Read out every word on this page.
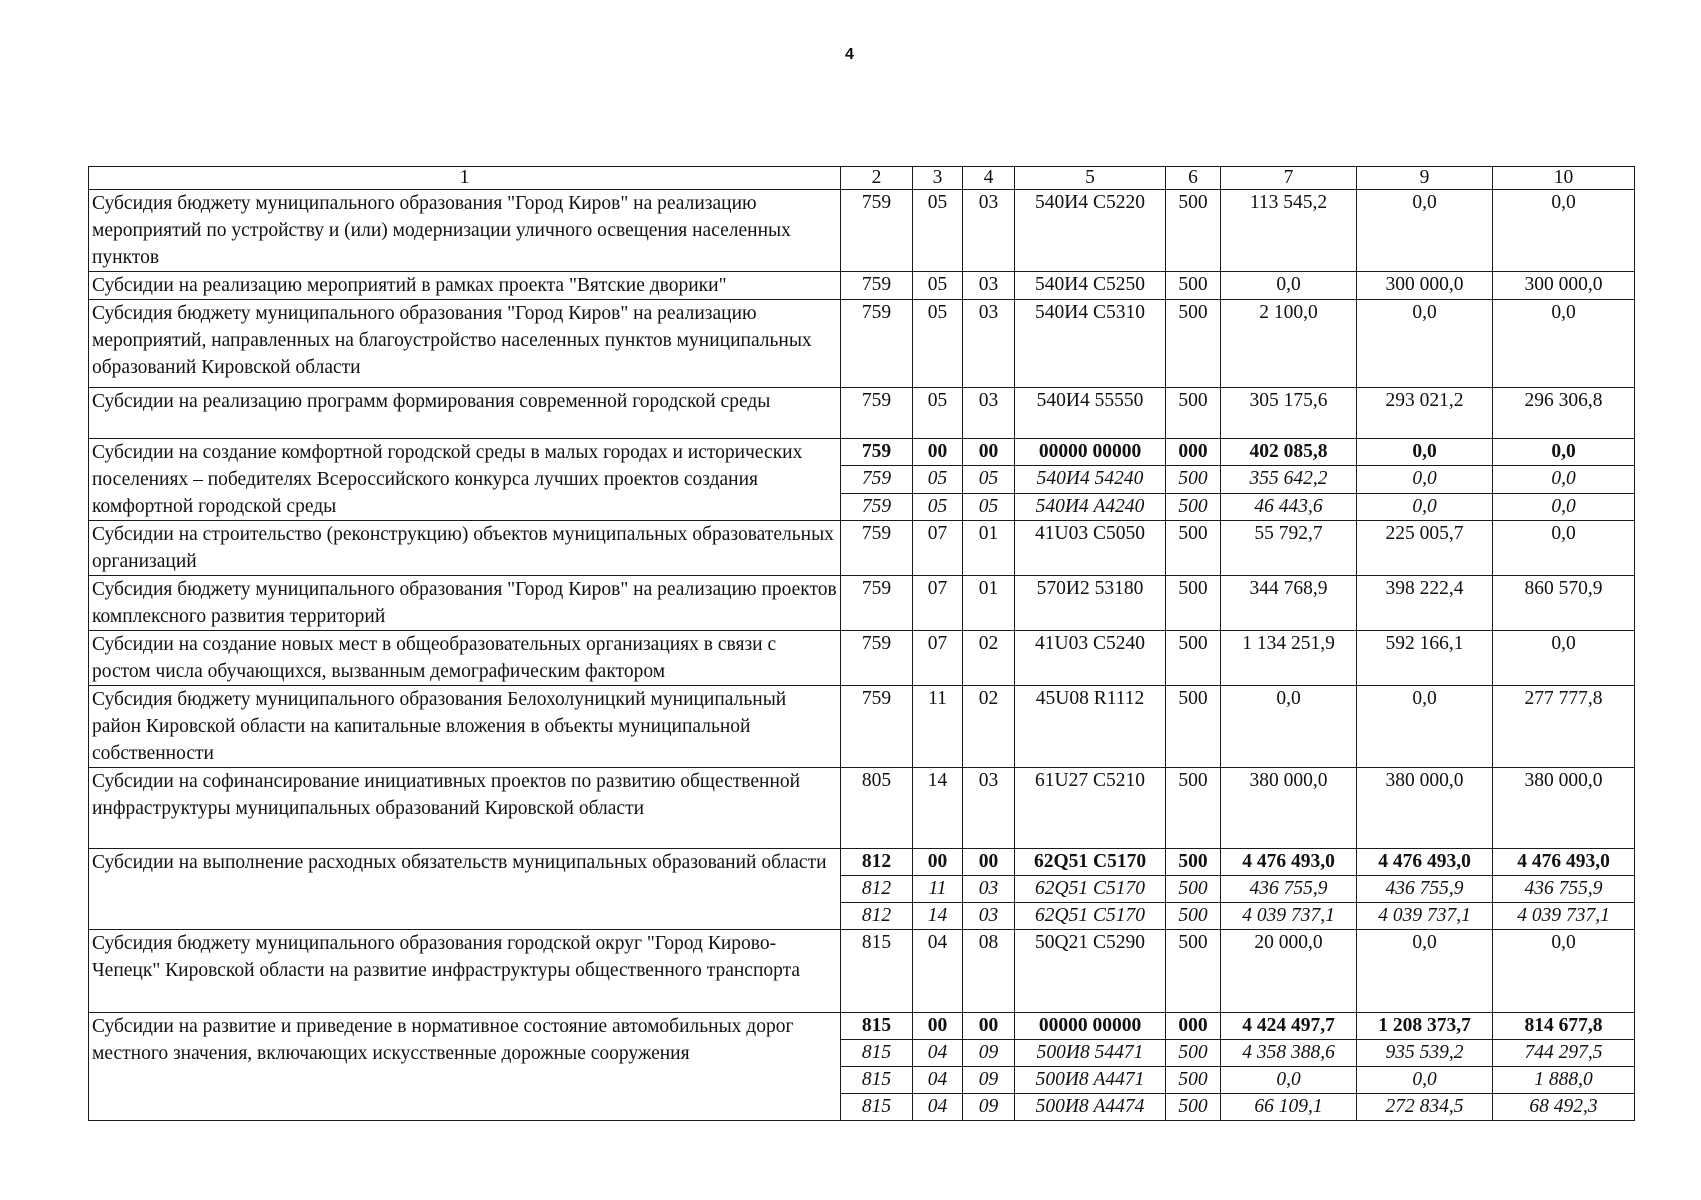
4
1	2	3	4	5	6	7	9	10
Субсидия бюджету муниципального образования "Город Киров" на реализацию мероприятий по устройству и (или) модернизации уличного освещения населенных пунктов	759	05	03	540И4 С5220	500	113 545,2	0,0	0,0
Субсидии на реализацию мероприятий в рамках проекта "Вятские дворики"	759	05	03	540И4 С5250	500	0,0	300 000,0	300 000,0
Субсидия бюджету муниципального образования "Город Киров" на реализацию мероприятий, направленных на благоустройство населенных пунктов муниципальных образований Кировской области	759	05	03	540И4 С5310	500	2 100,0	0,0	0,0
Субсидии на реализацию программ формирования современной городской среды	759	05	03	540И4 55550	500	305 175,6	293 021,2	296 306,8
Субсидии на создание комфортной городской среды в малых городах и исторических поселениях – победителях Всероссийского конкурса лучших проектов создания комфортной городской среды	759	00	00	00000 00000	000	402 085,8	0,0	0,0
	759	05	05	540И4 54240	500	355 642,2	0,0	0,0
	759	05	05	540И4 А4240	500	46 443,6	0,0	0,0
Субсидии на строительство (реконструкцию) объектов муниципальных образовательных организаций	759	07	01	41U03 С5050	500	55 792,7	225 005,7	0,0
Субсидия бюджету муниципального образования "Город Киров" на реализацию проектов комплексного развития территорий	759	07	01	570И2 53180	500	344 768,9	398 222,4	860 570,9
Субсидии на создание новых мест в общеобразовательных организациях в связи с ростом числа обучающихся, вызванным демографическим фактором	759	07	02	41U03 С5240	500	1 134 251,9	592 166,1	0,0
Субсидия бюджету муниципального образования Белохолуницкий муниципальный район Кировской области на капитальные вложения в объекты муниципальной собственности	759	11	02	45U08 R1112	500	0,0	0,0	277 777,8
Субсидии на софинансирование инициативных проектов по развитию общественной инфраструктуры муниципальных образований Кировской области	805	14	03	61U27 С5210	500	380 000,0	380 000,0	380 000,0
Субсидии на выполнение расходных обязательств муниципальных образований области	812	00	00	62Q51 С5170	500	4 476 493,0	4 476 493,0	4 476 493,0
	812	11	03	62Q51 С5170	500	436 755,9	436 755,9	436 755,9
	812	14	03	62Q51 С5170	500	4 039 737,1	4 039 737,1	4 039 737,1
Субсидия бюджету муниципального образования городской округ "Город Кирово-Чепецк" Кировской области на развитие инфраструктуры общественного транспорта	815	04	08	50Q21 С5290	500	20 000,0	0,0	0,0
Субсидии на развитие и приведение в нормативное состояние автомобильных дорог местного значения, включающих искусственные дорожные сооружения	815	00	00	00000 00000	000	4 424 497,7	1 208 373,7	814 677,8
	815	04	09	500И8 54471	500	4 358 388,6	935 539,2	744 297,5
	815	04	09	500И8 А4471	500	0,0	0,0	1 888,0
	815	04	09	500И8 А4474	500	66 109,1	272 834,5	68 492,3
